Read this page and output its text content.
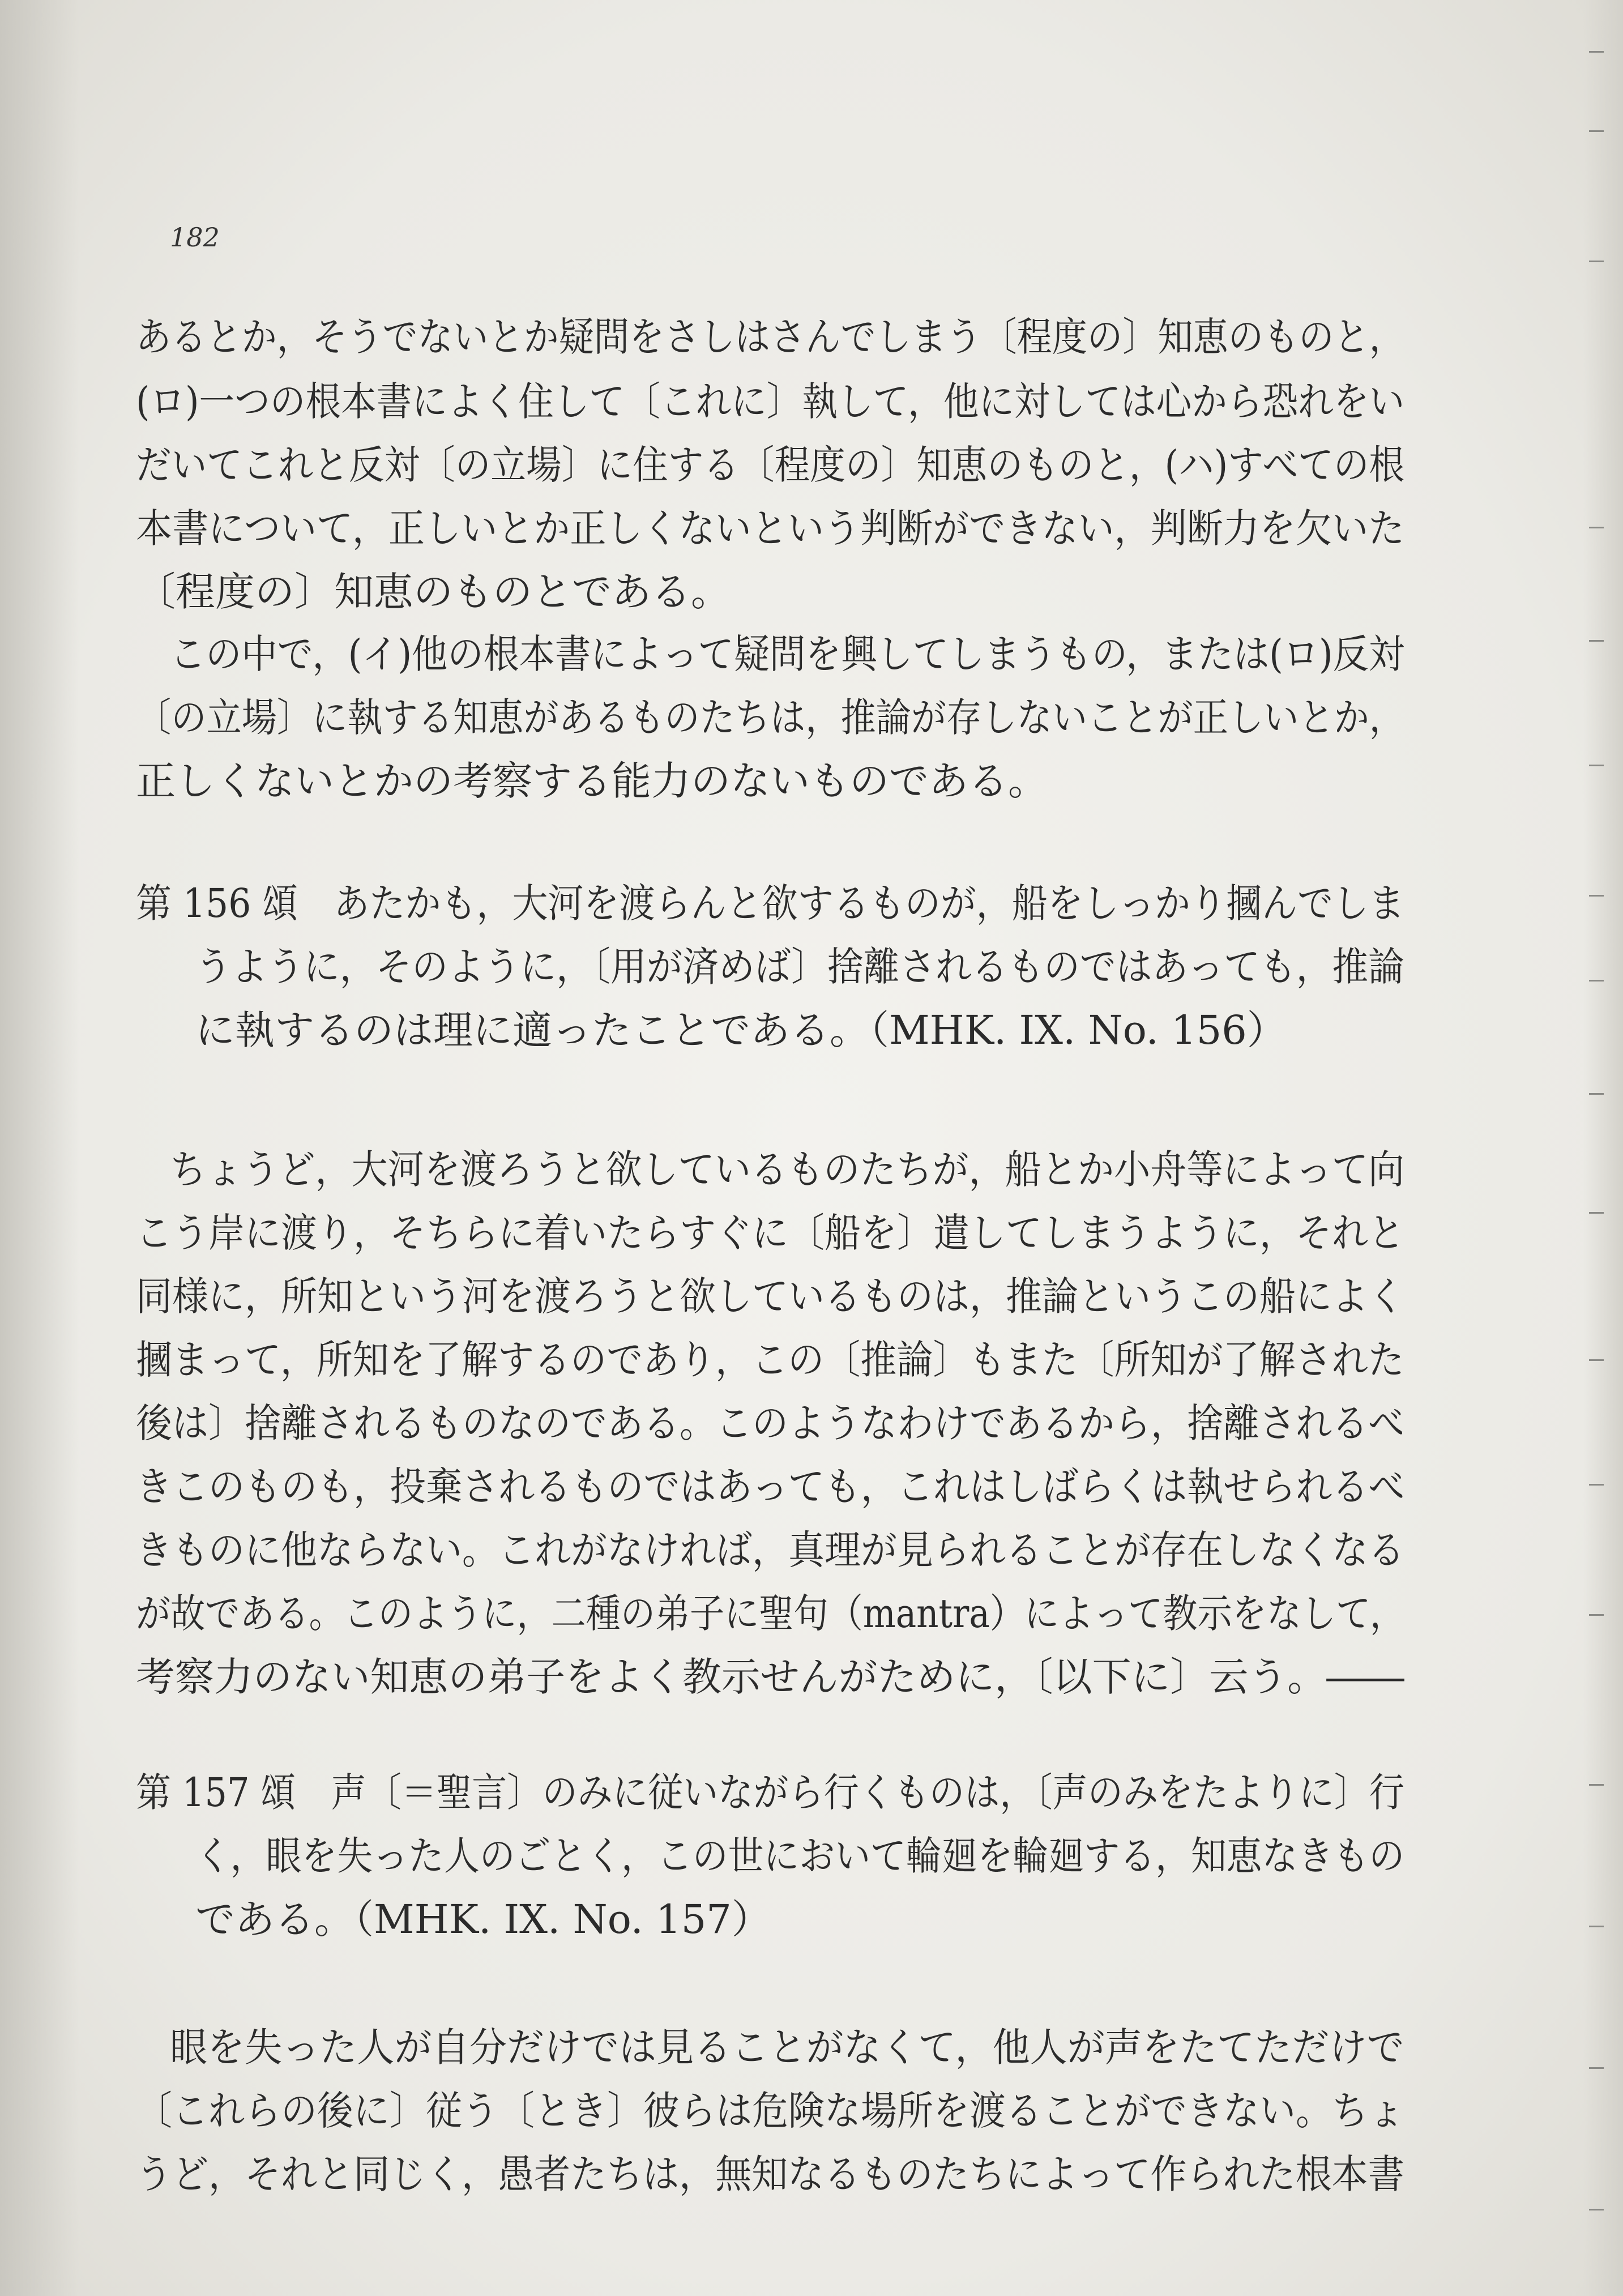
182
あるとか，そうでないとか疑問をさしはさんでしまう〔程度の〕知恵のものと，
(ロ)一つの根本書によく住して〔これに〕執して，他に対しては心から恐れをい
だいてこれと反対〔の立場〕に住する〔程度の〕知恵のものと，(ハ)すべての根
本書について，正しいとか正しくないという判断ができない，判断力を欠いた
〔程度の〕知恵のものとである。
この中で，(イ)他の根本書によって疑問を興してしまうもの，または(ロ)反対
〔の立場〕に執する知恵があるものたちは，推論が存しないことが正しいとか，
正しくないとかの考察する能力のないものである。
第 156 頌　あたかも，大河を渡らんと欲するものが，船をしっかり摑んでしま
うように，そのように，〔用が済めば〕捨離されるものではあっても，推論
に執するのは理に適ったことである。（MHK. IX. No. 156）
ちょうど，大河を渡ろうと欲しているものたちが，船とか小舟等によって向
こう岸に渡り，そちらに着いたらすぐに〔船を〕遣してしまうように，それと
同様に，所知という河を渡ろうと欲しているものは，推論というこの船によく
摑まって，所知を了解するのであり，この〔推論〕もまた〔所知が了解された
後は〕捨離されるものなのである。このようなわけであるから，捨離されるべ
きこのものも，投棄されるものではあっても，これはしばらくは執せられるべ
きものに他ならない。これがなければ，真理が見られることが存在しなくなる
が故である。このように，二種の弟子に聖句（mantra）によって教示をなして，
考察力のない知恵の弟子をよく教示せんがために，〔以下に〕云う。――
第 157 頌　声〔＝聖言〕のみに従いながら行くものは，〔声のみをたよりに〕行
く，眼を失った人のごとく，この世において輪廻を輪廻する，知恵なきもの
である。（MHK. IX. No. 157）
眼を失った人が自分だけでは見ることがなくて，他人が声をたてただけで
〔これらの後に〕従う〔とき〕彼らは危険な場所を渡ることができない。ちょ
うど，それと同じく，愚者たちは，無知なるものたちによって作られた根本書
